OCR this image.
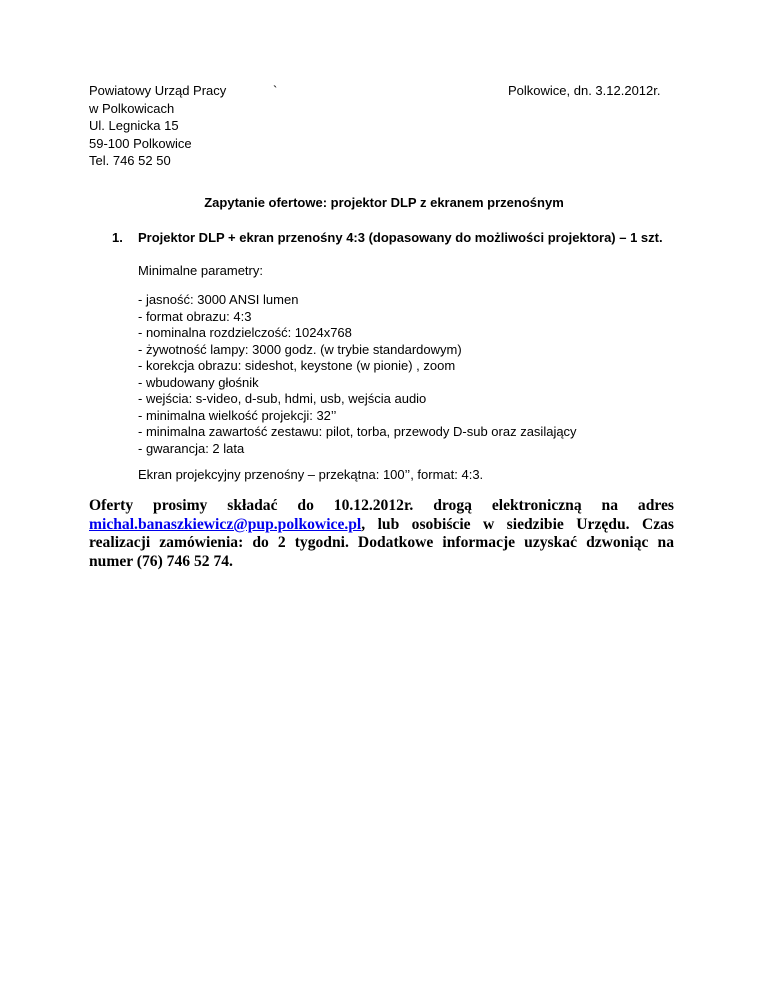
Powiatowy Urząd Pracy
w Polkowicach
Ul. Legnicka 15
59-100 Polkowice
Tel. 746 52 50
`	Polkowice, dn. 3.12.2012r.
Zapytanie ofertowe: projektor DLP z ekranem przenośnym
1. Projektor DLP + ekran przenośny 4:3 (dopasowany do możliwości projektora) – 1 szt.
Minimalne parametry:
- jasność: 3000 ANSI lumen
- format obrazu: 4:3
- nominalna rozdzielczość: 1024x768
- żywotność lampy: 3000 godz. (w trybie standardowym)
- korekcja obrazu: sideshot, keystone (w pionie) , zoom
- wbudowany głośnik
- wejścia: s-video, d-sub, hdmi, usb, wejścia audio
- minimalna wielkość projekcji: 32’’
- minimalna zawartość zestawu: pilot, torba, przewody D-sub oraz zasilający
- gwarancja: 2 lata
Ekran projekcyjny przenośny – przekątna: 100’’, format: 4:3.

Oferty prosimy składać do 10.12.2012r. drogą elektroniczną na adres michal.banaszkiewicz@pup.polkowice.pl, lub osobiście w siedzibie Urzędu. Czas realizacji zamówienia: do 2 tygodni. Dodatkowe informacje uzyskać dzwoniąc na numer (76) 746 52 74.
